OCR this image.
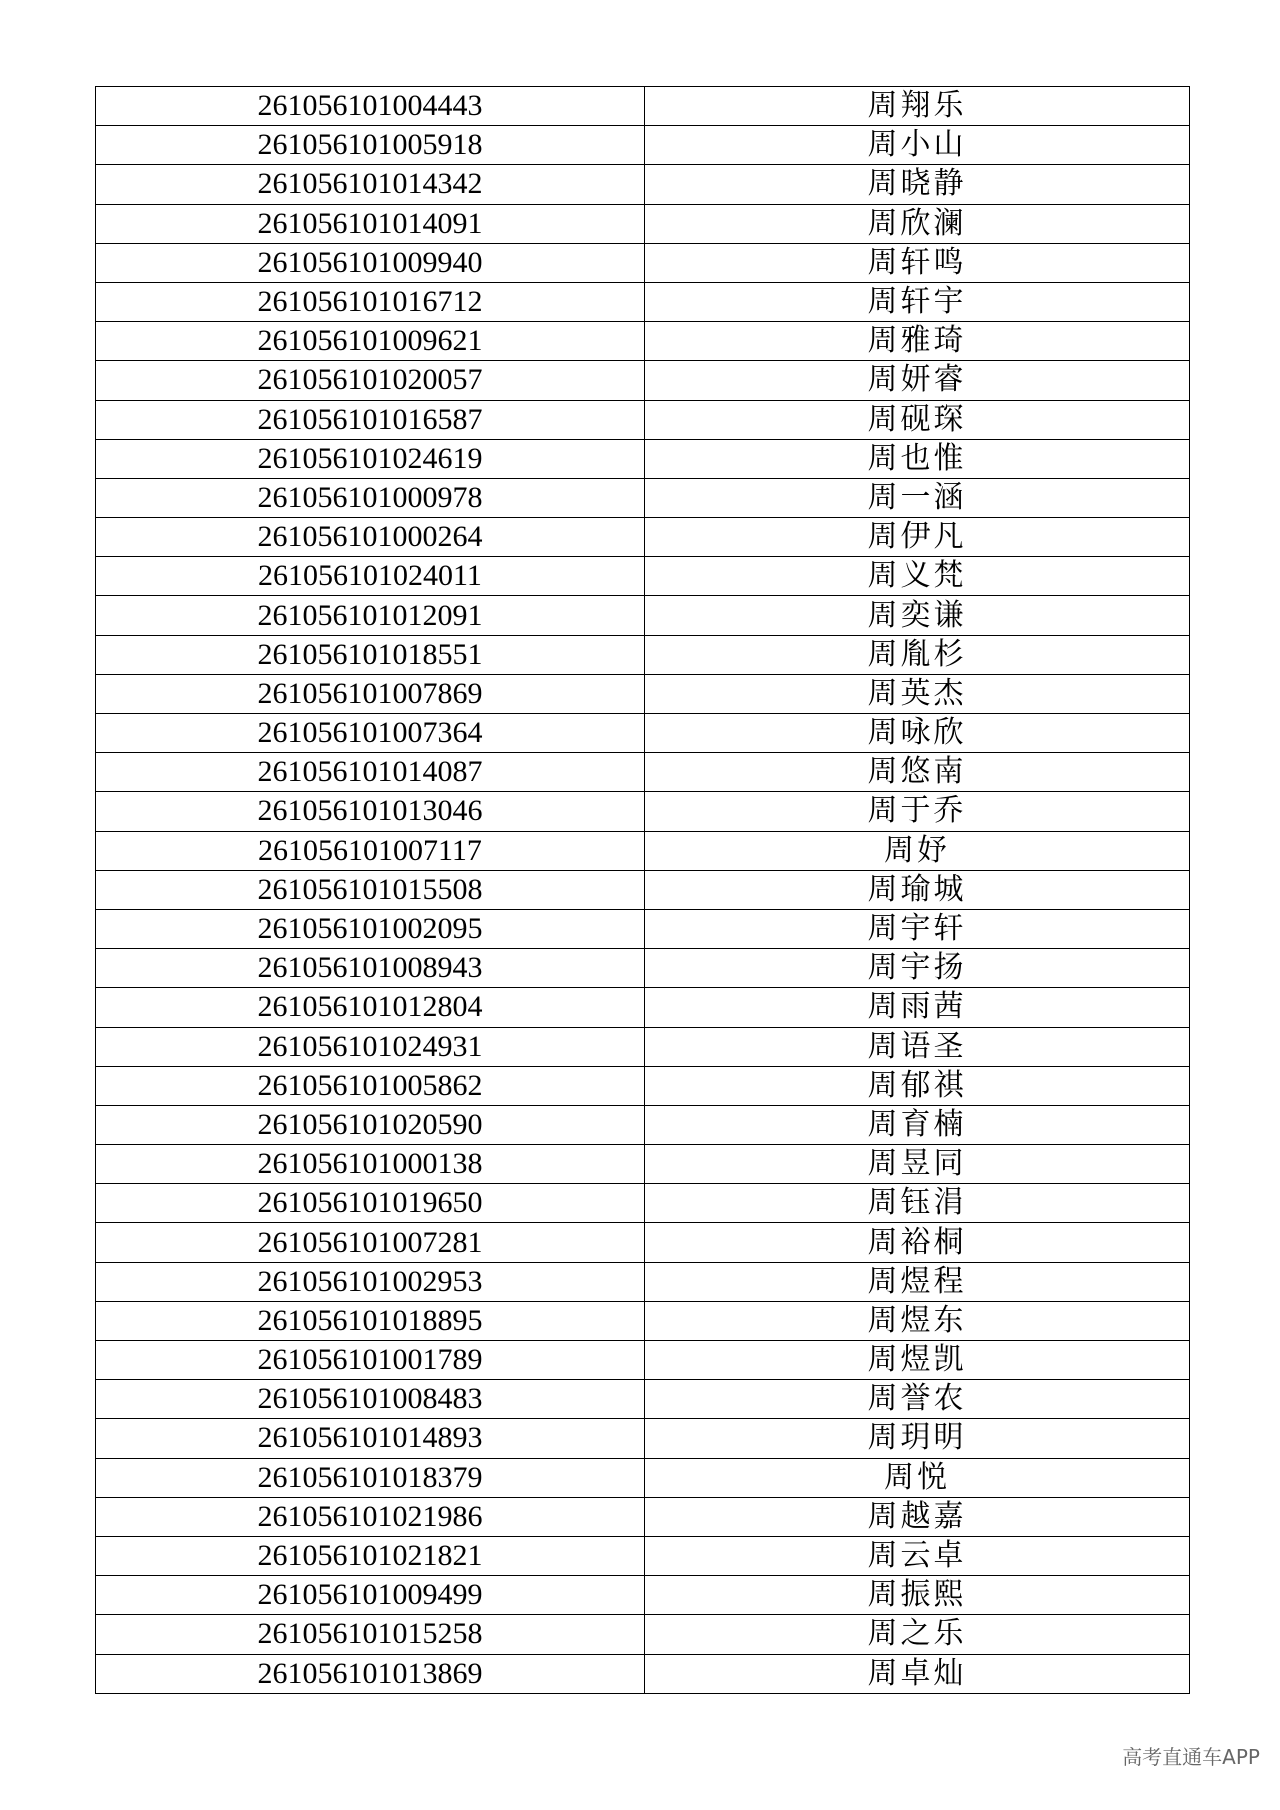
261056101004443	周翔乐
261056101005918	周小山
261056101014342	周晓静
261056101014091	周欣澜
261056101009940	周轩鸣
261056101016712	周轩宇
261056101009621	周雅琦
261056101020057	周妍睿
261056101016587	周砚琛
261056101024619	周也惟
261056101000978	周一涵
261056101000264	周伊凡
261056101024011	周义梵
261056101012091	周奕谦
261056101018551	周胤杉
261056101007869	周英杰
261056101007364	周咏欣
261056101014087	周悠南
261056101013046	周于乔
261056101007117	周妤
261056101015508	周瑜城
261056101002095	周宇轩
261056101008943	周宇扬
261056101012804	周雨茜
261056101024931	周语圣
261056101005862	周郁祺
261056101020590	周育楠
261056101000138	周昱同
261056101019650	周钰涓
261056101007281	周裕桐
261056101002953	周煜程
261056101018895	周煜东
261056101001789	周煜凯
261056101008483	周誉农
261056101014893	周玥明
261056101018379	周悦
261056101021986	周越嘉
261056101021821	周云卓
261056101009499	周振熙
261056101015258	周之乐
261056101013869	周卓灿
高考直通车APP
